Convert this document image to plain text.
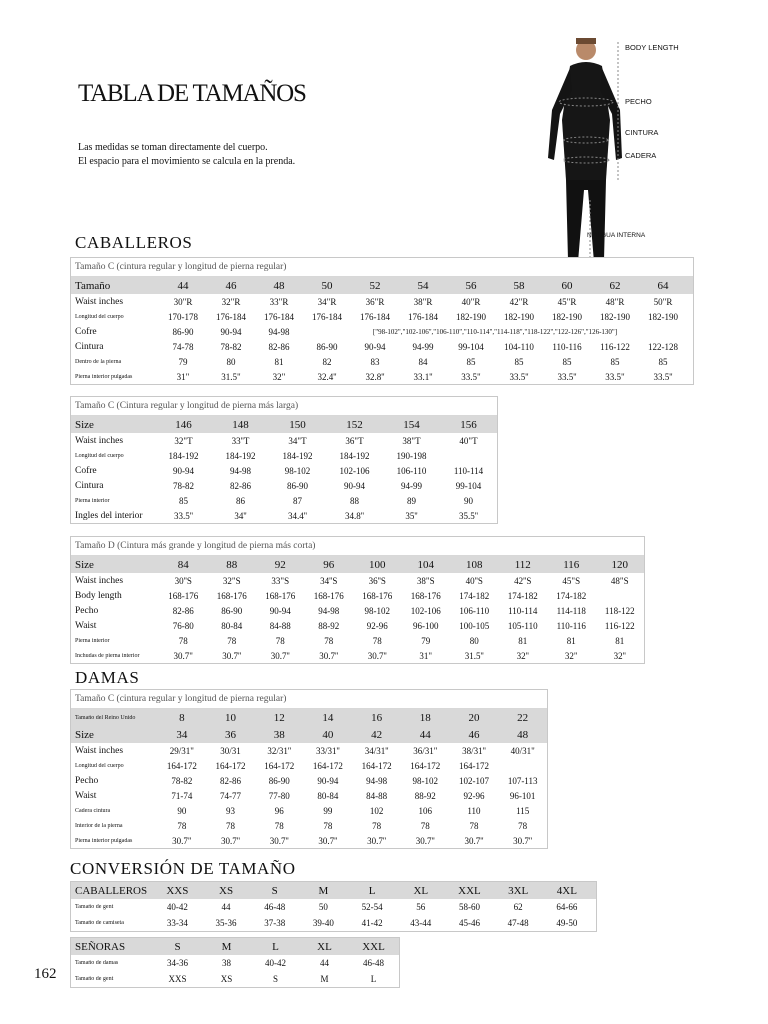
TABLA DE TAMAÑOS
Las medidas se toman directamente del cuerpo.
El espacio para el movimiento se calcula en la prenda.
BODY LENGTH
PECHO
CINTURA
CADERA
N ALGUA INTERNA
CABALLEROS
Tamaño C (cintura regular y longitud de pierna regular)
Tamaño	44	46	48	50	52	54	56	58	60	62	64
Waist inches	30"R	32"R	33"R	34"R	36"R	38"R	40"R	42"R	45"R	48"R	50"R
Longitud del cuerpo	170-178	176-184	176-184	176-184	176-184	176-184	182-190	182-190	182-190	182-190	182-190
Cofre	86-90	90-94	94-98	["98-102","102-106","106-110","110-114","114-118","118-122","122-126","126-130"]
Cintura	74-78	78-82	82-86	86-90	90-94	94-99	99-104	104-110	110-116	116-122	122-128
Dentro de la pierna	79	80	81	82	83	84	85	85	85	85	85
Pierna interior pulgadas	31"	31.5"	32"	32.4''	32.8''	33.1''	33.5"	33.5''	33.5''	33.5"	33.5''
Tamaño C (Cintura regular y longitud de pierna más larga)
Size	146	148	150	152	154	156
Waist inches	32"T	33''T	34"T	36"T	38"T	40"T
Longitud del cuerpo	184-192	184-192	184-192	184-192	190-198
Cofre	90-94	94-98	98-102	102-106	106-110	110-114
Cintura	78-82	82-86	86-90	90-94	94-99	99-104
Pierna interior	85	86	87	88	89	90
Ingles del interior	33.5''	34''	34.4''	34.8''	35''	35.5''
Tamaño D (Cintura más grande y longitud de pierna más corta)
Size	84	88	92	96	100	104	108	112	116	120
Waist inches	30''S	32"S	33"S	34''S	36''S	38"S	40''S	42''S	45"S	48"S
Body length	168-176	168-176	168-176	168-176	168-176	168-176	174-182	174-182	174-182
Pecho	82-86	86-90	90-94	94-98	98-102	102-106	106-110	110-114	114-118	118-122
Waist	76-80	80-84	84-88	88-92	92-96	96-100	100-105	105-110	110-116	116-122
Pierna interior	78	78	78	78	78	79	80	81	81	81
Inchudas de pierna interior	30.7"	30.7''	30.7''	30.7''	30.7''	31"	31.5''	32''	32"	32''
DAMAS
Tamaño C (cintura regular y longitud de pierna regular)
Tamaño del Reino Unido	8	10	12	14	16	18	20	22
Size	34	36	38	40	42	44	46	48
Waist inches	29/31"	30/31	32/31''	33/31''	34/31''	36/31"	38/31''	40/31"
Longitud del cuerpo	164-172	164-172	164-172	164-172	164-172	164-172	164-172
Pecho	78-82	82-86	86-90	90-94	94-98	98-102	102-107	107-113
Waist	71-74	74-77	77-80	80-84	84-88	88-92	92-96	96-101
Cadera cintura	90	93	96	99	102	106	110	115
Interior de la pierna	78	78	78	78	78	78	78	78
Pierna interior pulgadas	30.7"	30.7''	30.7''	30.7''	30.7''	30.7''	30.7''	30.7''
CONVERSIÓN DE TAMAÑO
CABALLEROS	XXS	XS	S	M	L	XL	XXL	3XL	4XL
Tamaño de gent	40-42	44	46-48	50	52-54	56	58-60	62	64-66
Tamaño de camiseta	33-34	35-36	37-38	39-40	41-42	43-44	45-46	47-48	49-50
SEÑORAS	S	M	L	XL	XXL
Tamaño de damas	34-36	38	40-42	44	46-48
Tamaño de gent	XXS	XS	S	M	L
162
